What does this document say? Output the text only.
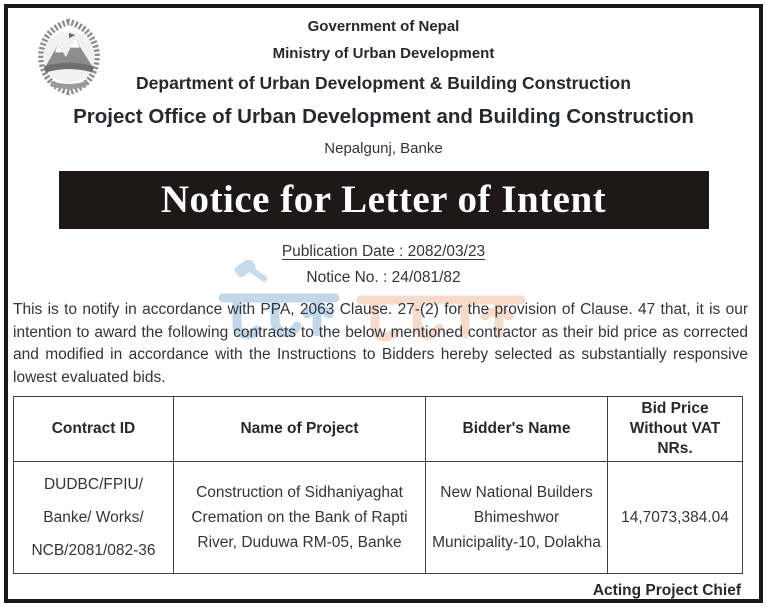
Government of Nepal
Ministry of Urban Development
Department of Urban Development & Building Construction
Project Office of Urban Development and Building Construction
Nepalgunj, Banke
Notice for Letter of Intent
Publication Date : 2082/03/23
Notice No. : 24/081/82
This is to notify in accordance with PPA, 2063 Clause. 27-(2) for the provision of Clause. 47 that, it is our intention to award the following contracts to the below mentioned contractor as their bid price as corrected and modified in accordance with the Instructions to Bidders hereby selected as substantially responsive lowest evaluated bids.
Contract ID	Name of Project	Bidder's Name	Bid Price Without VAT NRs.

DUDBC/FPIU/
Banke/ Works/
NCB/2081/082-36	Construction of Sidhaniyaghat Cremation on the Bank of Rapti River, Duduwa RM-05, Banke	New National Builders Bhimeshwor Municipality-10, Dolakha	14,7073,384.04
Acting Project Chief
